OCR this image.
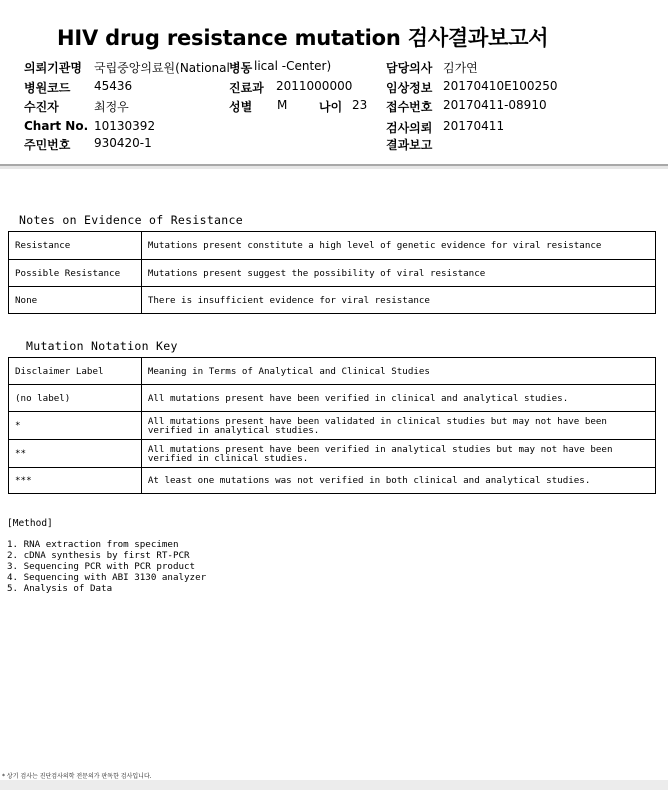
HIV drug resistance mutation 검사결과보고서
의뢰기관명 국립중앙의료원(National 병동 lical -Center)	담당의사 김가연
병원코드 45436	진료과 2011000000	임상정보 20170410E100250
수진자	최정우	성별 M	나이 23 접수번호 20170411-08910
Chart No. 10130392	검사의뢰 20170411
주민번호 930420-1	결과보고
Notes on Evidence of Resistance
Resistance	Mutations present constitute a high level of genetic evidence for viral resistance
Possible Resistance	Mutations present suggest the possibility of viral resistance
None	There is insufficient evidence for viral resistance
Mutation Notation Key
Disclaimer Label	Meaning in Terms of Analytical and Clinical Studies
(no label)	All mutations present have been verified in clinical and analytical studies.
*	All mutations present have been validated in clinical studies but may not have been verified in analytical studies.
**	All mutations present have been verified in analytical studies but may not have been verified in clinical studies.
***	At least one mutations was not verified in both clinical and analytical studies.
[Method]
1. RNA extraction from specimen
2. cDNA synthesis by first RT-PCR
3. Sequencing PCR with PCR product
4. Sequencing with ABI 3130 analyzer
5. Analysis of Data
* 상기 검사는 진단검사의학 전문의가 판독한 검사입니다.
